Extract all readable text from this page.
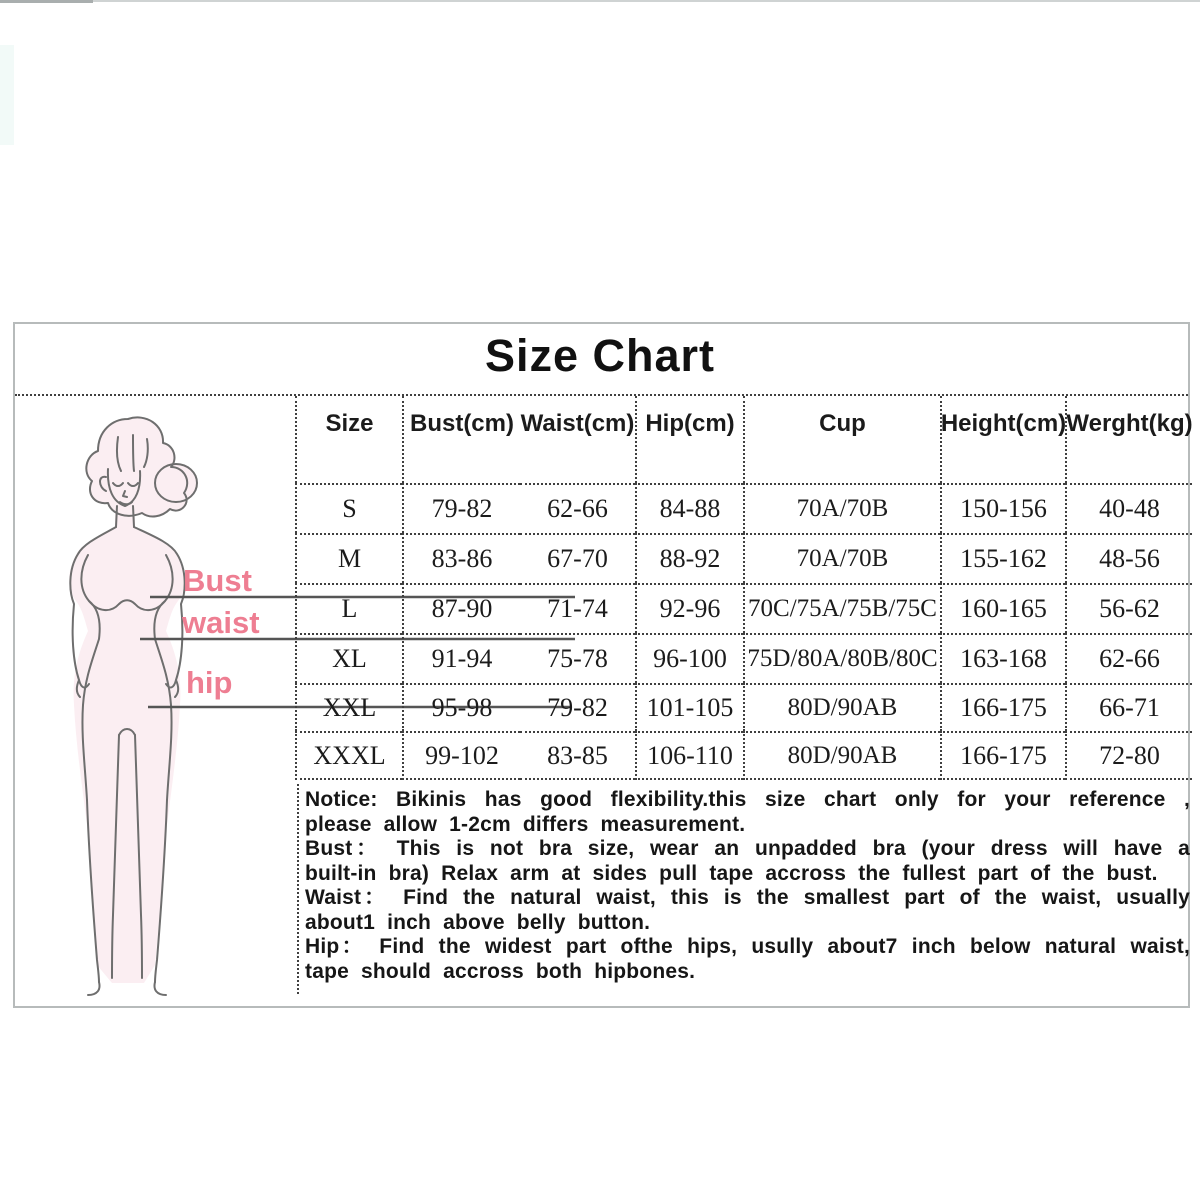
Size Chart
Bust
waist
hip
Size	Bust(cm) Waist(cm) Hip(cm)	Cup	Height(cm) Werght(kg)
S	79-82	62-66	84-88	70A/70B	150-156	40-48
M	83-86	67-70	88-92	70A/70B	155-162	48-56
L	87-90	71-74	92-96	70C/75A/75B/75C 160-165	56-62
XL	91-94	75-78	96-100 75D/80A/80B/80C 163-168	62-66
XXL	95-98	79-82	101-105	80D/90AB	166-175	66-71
XXXL	99-102	83-85	106-110	80D/90AB	166-175	72-80

Notice: Bikinis has good flexibility.this size chart only for your reference , please allow 1-2cm differs measurement.

Bust： This is not bra size, wear an unpadded bra (your dress will have a built-in bra) Relax arm at sides pull tape accross the fullest part of the bust.

Waist： Find the natural waist, this is the smallest part of the waist, usually about1 inch above belly button.

Hip： Find the widest part ofthe hips, usully about7 inch below natural waist, tape should accross both hipbones.
